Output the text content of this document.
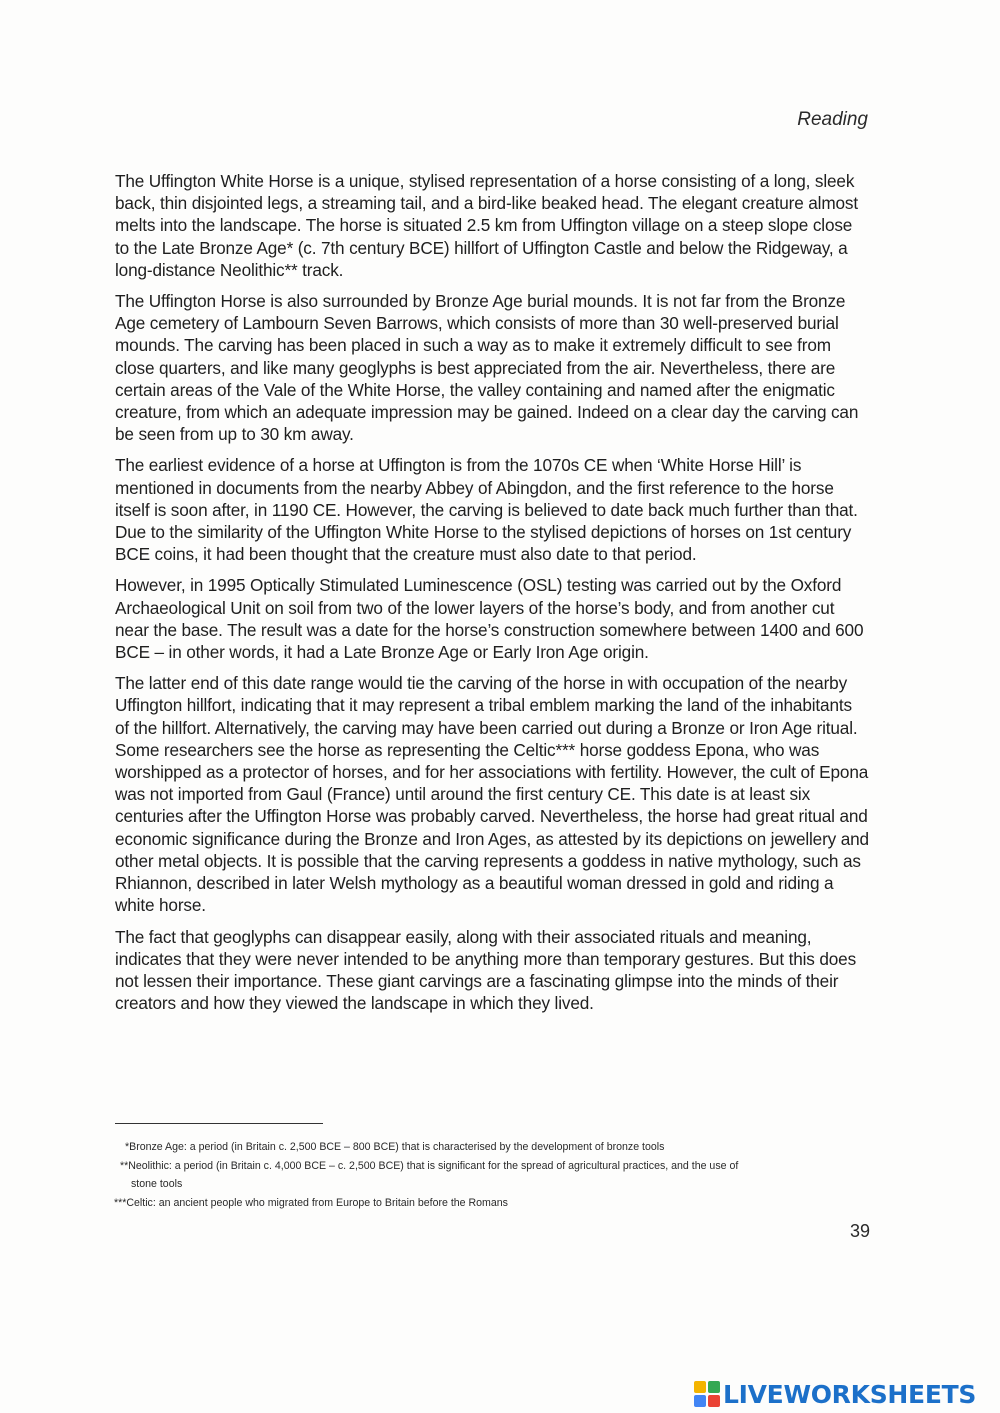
Reading

The Uffington White Horse is a unique, stylised representation of a horse consisting of a long, sleek back, thin disjointed legs, a streaming tail, and a bird-like beaked head. The elegant creature almost melts into the landscape. The horse is situated 2.5 km from Uffington village on a steep slope close to the Late Bronze Age* (c. 7th century BCE) hillfort of Uffington Castle and below the Ridgeway, a long-distance Neolithic** track.

The Uffington Horse is also surrounded by Bronze Age burial mounds. It is not far from the Bronze Age cemetery of Lambourn Seven Barrows, which consists of more than 30 well-preserved burial mounds. The carving has been placed in such a way as to make it extremely difficult to see from close quarters, and like many geoglyphs is best appreciated from the air. Nevertheless, there are certain areas of the Vale of the White Horse, the valley containing and named after the enigmatic creature, from which an adequate impression may be gained. Indeed on a clear day the carving can be seen from up to 30 km away.

The earliest evidence of a horse at Uffington is from the 1070s CE when ‘White Horse Hill’ is mentioned in documents from the nearby Abbey of Abingdon, and the first reference to the horse itself is soon after, in 1190 CE. However, the carving is believed to date back much further than that. Due to the similarity of the Uffington White Horse to the stylised depictions of horses on 1st century BCE coins, it had been thought that the creature must also date to that period.

However, in 1995 Optically Stimulated Luminescence (OSL) testing was carried out by the Oxford Archaeological Unit on soil from two of the lower layers of the horse’s body, and from another cut near the base. The result was a date for the horse’s construction somewhere between 1400 and 600 BCE – in other words, it had a Late Bronze Age or Early Iron Age origin.

The latter end of this date range would tie the carving of the horse in with occupation of the nearby Uffington hillfort, indicating that it may represent a tribal emblem marking the land of the inhabitants of the hillfort. Alternatively, the carving may have been carried out during a Bronze or Iron Age ritual. Some researchers see the horse as representing the Celtic*** horse goddess Epona, who was worshipped as a protector of horses, and for her associations with fertility. However, the cult of Epona was not imported from Gaul (France) until around the first century CE. This date is at least six centuries after the Uffington Horse was probably carved. Nevertheless, the horse had great ritual and economic significance during the Bronze and Iron Ages, as attested by its depictions on jewellery and other metal objects. It is possible that the carving represents a goddess in native mythology, such as Rhiannon, described in later Welsh mythology as a beautiful woman dressed in gold and riding a white horse.

The fact that geoglyphs can disappear easily, along with their associated rituals and meaning, indicates that they were never intended to be anything more than temporary gestures. But this does not lessen their importance. These giant carvings are a fascinating glimpse into the minds of their creators and how they viewed the landscape in which they lived.

*Bronze Age: a period (in Britain c. 2,500 BCE – 800 BCE) that is characterised by the development of bronze tools

**Neolithic: a period (in Britain c. 4,000 BCE – c. 2,500 BCE) that is significant for the spread of agricultural practices, and the use of
stone tools

***Celtic: an ancient people who migrated from Europe to Britain before the Romans

39
LIVEWORKSHEETS
